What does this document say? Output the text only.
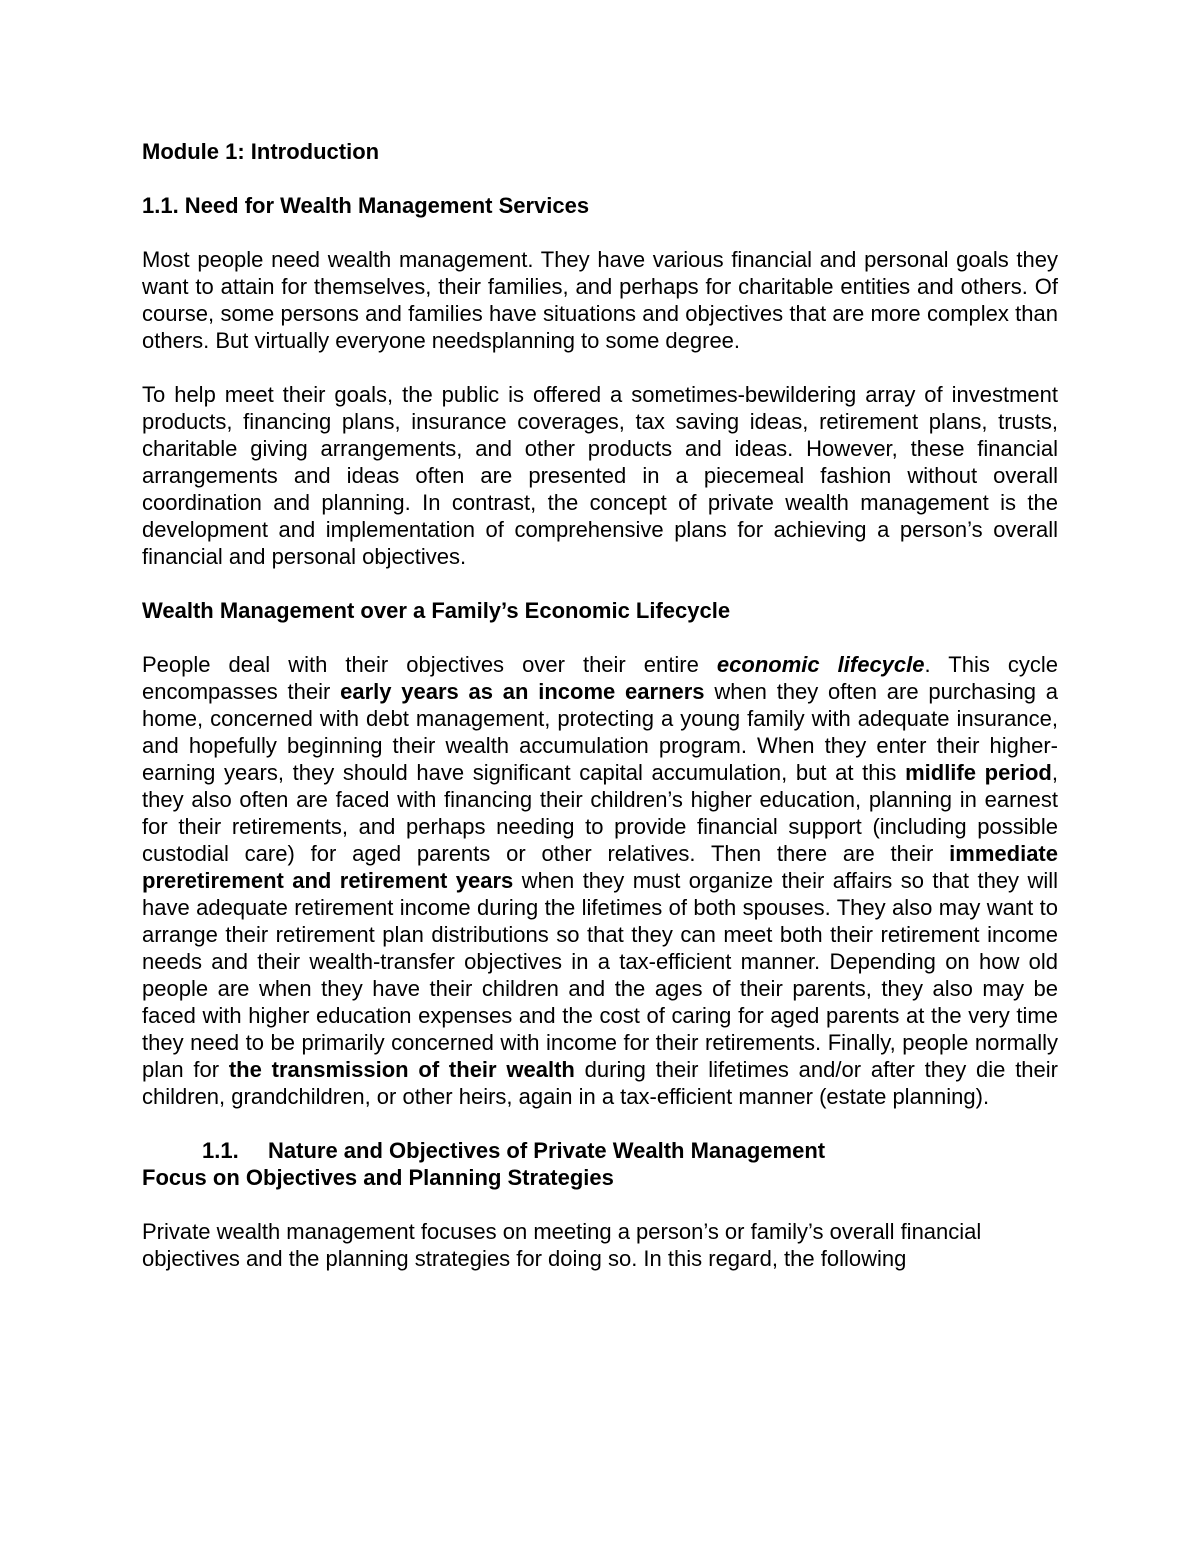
Module 1: Introduction

1.1. Need for Wealth Management Services

Most people need wealth management. They have various financial and personal goals they want to attain for themselves, their families, and perhaps for charitable entities and others. Of course, some persons and families have situations and objectives that are more complex than others. But virtually everyone needsplanning to some degree.

To help meet their goals, the public is offered a sometimes-bewildering array of investment products, financing plans, insurance coverages, tax saving ideas, retirement plans, trusts, charitable giving arrangements, and other products and ideas. However, these financial arrangements and ideas often are presented in a piecemeal fashion without overall coordination and planning. In contrast, the concept of private wealth management is the development and implementation of comprehensive plans for achieving a person’s overall financial and personal objectives.

Wealth Management over a Family’s Economic Lifecycle

People deal with their objectives over their entire economic lifecycle. This cycle encompasses their early years as an income earners when they often are purchasing a home, concerned with debt management, protecting a young family with adequate insurance, and hopefully beginning their wealth accumulation program. When they enter their higher-earning years, they should have significant capital accumulation, but at this midlife period, they also often are faced with financing their children’s higher education, planning in earnest for their retirements, and perhaps needing to provide financial support (including possible custodial care) for aged parents or other relatives. Then there are their immediate preretirement and retirement years when they must organize their affairs so that they will have adequate retirement income during the lifetimes of both spouses. They also may want to arrange their retirement plan distributions so that they can meet both their retirement income needs and their wealth-transfer objectives in a tax-efficient manner. Depending on how old people are when they have their children and the ages of their parents, they also may be faced with higher education expenses and the cost of caring for aged parents at the very time they need to be primarily concerned with income for their retirements. Finally, people normally plan for the transmission of their wealth during their lifetimes and/or after they die their children, grandchildren, or other heirs, again in a tax-efficient manner (estate planning).

1.1. Nature and Objectives of Private Wealth Management

Focus on Objectives and Planning Strategies

Private wealth management focuses on meeting a person’s or family’s overall financial objectives and the planning strategies for doing so. In this regard, the following
